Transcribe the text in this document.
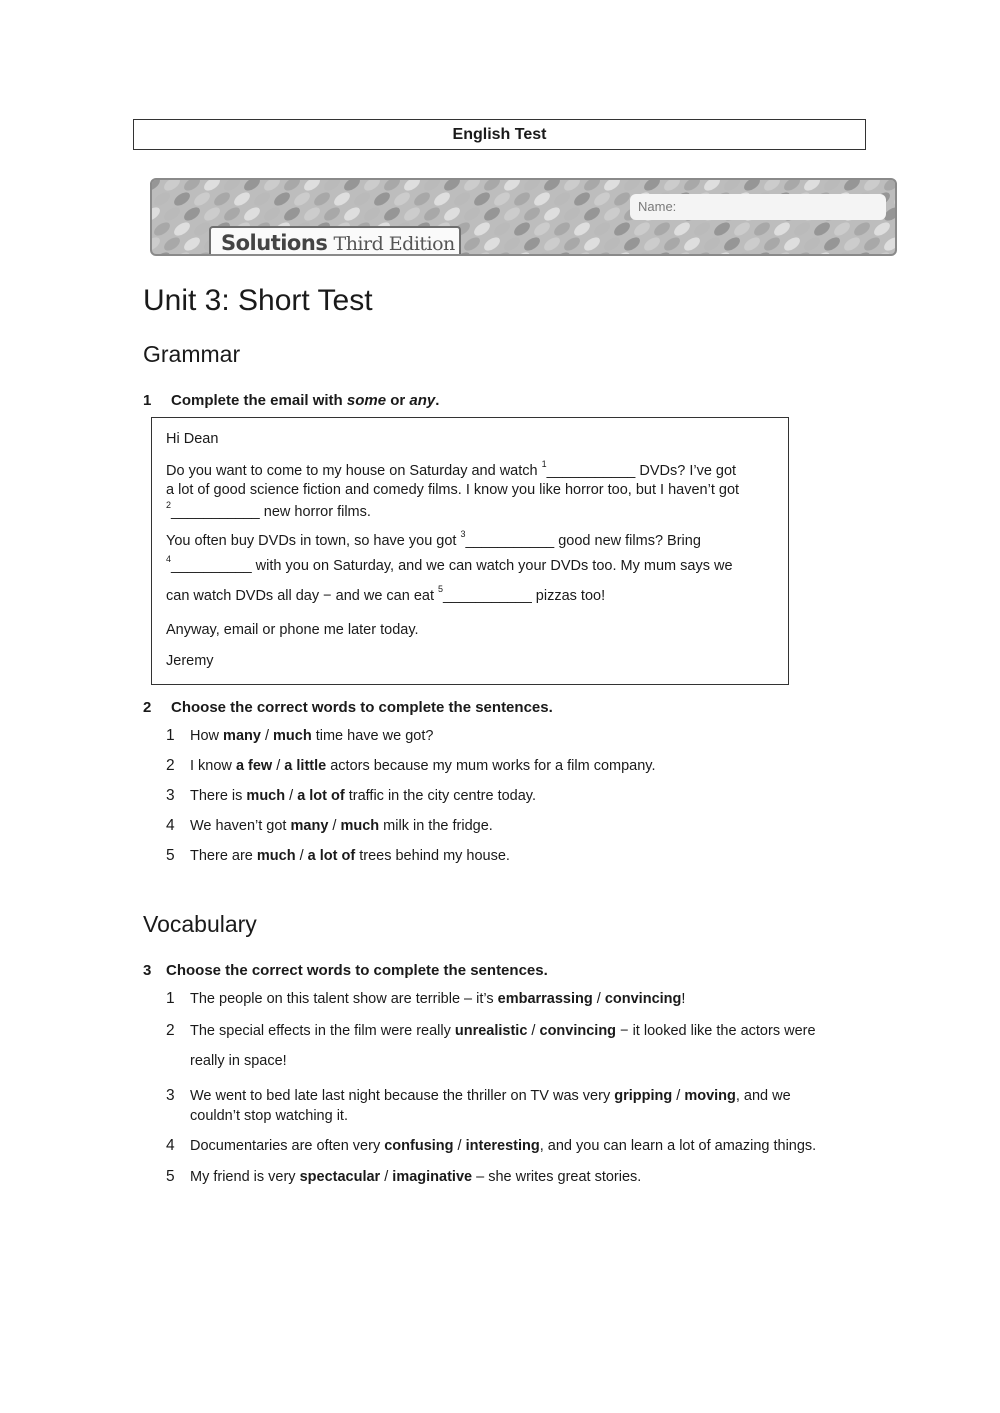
English Test
Name:
Solutions Third Edition
Unit 3: Short Test
Grammar
1 Complete the email with some or any.
Hi Dean
Do you want to come to my house on Saturday and watch $^1$___________ DVDs? I’ve got
a lot of good science fiction and comedy films. I know you like horror too, but I haven’t got
$^2$___________ new horror films.
You often buy DVDs in town, so have you got $^3$___________ good new films? Bring
$^4$__________ with you on Saturday, and we can watch your DVDs too. My mum says we
can watch DVDs all day − and we can eat $^5$___________ pizzas too!
Anyway, email or phone me later today.
Jeremy
2 Choose the correct words to complete the sentences.
1 How many / much time have we got?
2 I know a few / a little actors because my mum works for a film company.
3 There is much / a lot of traffic in the city centre today.
4 We haven’t got many / much milk in the fridge.
5 There are much / a lot of trees behind my house.
Vocabulary
3 Choose the correct words to complete the sentences.
1 The people on this talent show are terrible – it’s embarrassing / convincing!
2 The special effects in the film were really unrealistic / convincing − it looked like the actors were
really in space!
3 We went to bed late last night because the thriller on TV was very gripping / moving, and we
couldn’t stop watching it.
4 Documentaries are often very confusing / interesting, and you can learn a lot of amazing things.
5 My friend is very spectacular / imaginative – she writes great stories.
